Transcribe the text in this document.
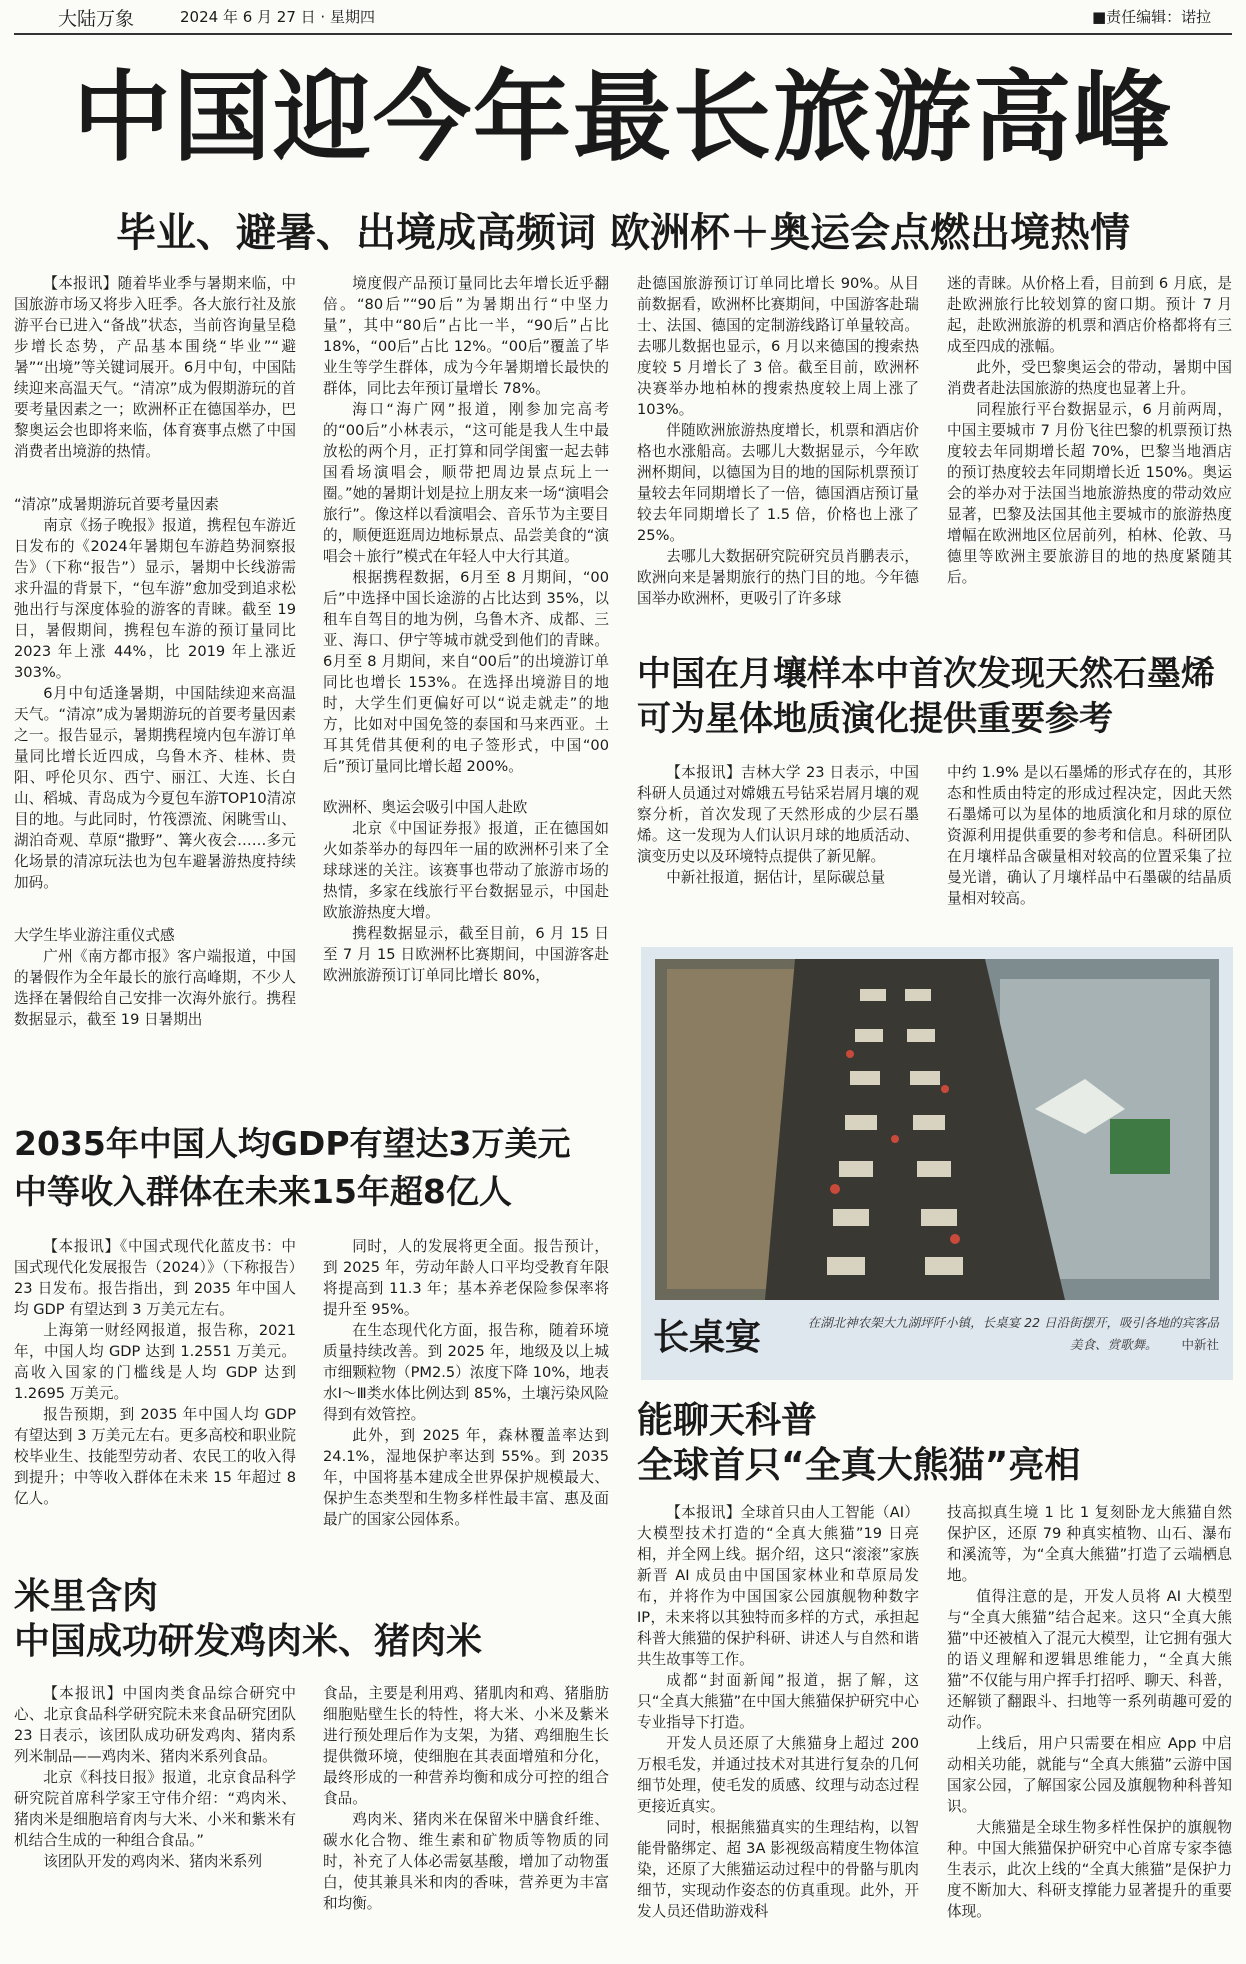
大陆万象	2024 年 6 月 27 日 · 星期四	■责任编辑：诺拉
中国迎今年最长旅游高峰
毕业、避暑、出境成高频词 欧洲杯＋奥运会点燃出境热情

【本报讯】随着毕业季与暑期来临，中国旅游市场又将步入旺季。各大旅行社及旅游平台已进入“备战”状态，当前咨询量呈稳步增长态势，产品基本围绕“毕业”“避暑”“出境”等关键词展开。6月中旬，中国陆续迎来高温天气。“清凉”成为假期游玩的首要考量因素之一；欧洲杯正在德国举办，巴黎奥运会也即将来临，体育赛事点燃了中国消费者出境游的热情。

“清凉”成暑期游玩首要考量因素

南京《扬子晚报》报道，携程包车游近日发布的《2024年暑期包车游趋势洞察报告》（下称“报告”）显示，暑期中长线游需求升温的背景下，“包车游”愈加受到追求松弛出行与深度体验的游客的青睐。截至 19 日，暑假期间，携程包车游的预订量同比 2023 年上涨 44%，比 2019 年上涨近 303%。

6月中旬适逢暑期，中国陆续迎来高温天气。“清凉”成为暑期游玩的首要考量因素之一。报告显示，暑期携程境内包车游订单量同比增长近四成，乌鲁木齐、桂林、贵阳、呼伦贝尔、西宁、丽江、大连、长白山、稻城、青岛成为今夏包车游TOP10清凉目的地。与此同时，竹筏漂流、闲眺雪山、湖泊奇观、草原“撒野”、篝火夜会……多元化场景的清凉玩法也为包车避暑游热度持续加码。

大学生毕业游注重仪式感

广州《南方都市报》客户端报道，中国的暑假作为全年最长的旅行高峰期，不少人选择在暑假给自己安排一次海外旅行。携程数据显示，截至 19 日暑期出

境度假产品预订量同比去年增长近乎翻倍。“80后”“90后”为暑期出行“中坚力量”，其中“80后”占比一半，“90后”占比 18%，“00后”占比 12%。“00后”覆盖了毕业生等学生群体，成为今年暑期增长最快的群体，同比去年预订量增长 78%。

海口“海广网”报道，刚参加完高考的“00后”小林表示，“这可能是我人生中最放松的两个月，正打算和同学闺蜜一起去韩国看场演唱会，顺带把周边景点玩上一圈。”她的暑期计划是拉上朋友来一场“演唱会旅行”。像这样以看演唱会、音乐节为主要目的，顺便逛逛周边地标景点、品尝美食的“演唱会＋旅行”模式在年轻人中大行其道。

根据携程数据，6月至 8 月期间，“00后”中选择中国长途游的占比达到 35%，以租车自驾目的地为例，乌鲁木齐、成都、三亚、海口、伊宁等城市就受到他们的青睐。6月至 8 月期间，来自“00后”的出境游订单同比也增长 153%。在选择出境游目的地时，大学生们更偏好可以“说走就走”的地方，比如对中国免签的泰国和马来西亚。土耳其凭借其便利的电子签形式，中国“00后”预订量同比增长超 200%。

欧洲杯、奥运会吸引中国人赴欧

北京《中国证券报》报道，正在德国如火如荼举办的每四年一届的欧洲杯引来了全球球迷的关注。该赛事也带动了旅游市场的热情，多家在线旅行平台数据显示，中国赴欧旅游热度大增。

携程数据显示，截至目前，6 月 15 日至 7 月 15 日欧洲杯比赛期间，中国游客赴欧洲旅游预订订单同比增长 80%，

赴德国旅游预订订单同比增长 90%。从目前数据看，欧洲杯比赛期间，中国游客赴瑞士、法国、德国的定制游线路订单量较高。去哪儿数据也显示，6 月以来德国的搜索热度较 5 月增长了 3 倍。截至目前，欧洲杯决赛举办地柏林的搜索热度较上周上涨了 103%。

伴随欧洲旅游热度增长，机票和酒店价格也水涨船高。去哪儿大数据显示，今年欧洲杯期间，以德国为目的地的国际机票预订量较去年同期增长了一倍，德国酒店预订量较去年同期增长了 1.5 倍，价格也上涨了 25%。

去哪儿大数据研究院研究员肖鹏表示，欧洲向来是暑期旅行的热门目的地。今年德国举办欧洲杯，更吸引了许多球

迷的青睐。从价格上看，目前到 6 月底，是赴欧洲旅行比较划算的窗口期。预计 7 月起，赴欧洲旅游的机票和酒店价格都将有三成至四成的涨幅。

此外，受巴黎奥运会的带动，暑期中国消费者赴法国旅游的热度也显著上升。

同程旅行平台数据显示，6 月前两周，中国主要城市 7 月份飞往巴黎的机票预订热度较去年同期增长超 70%，巴黎当地酒店的预订热度较去年同期增长近 150%。奥运会的举办对于法国当地旅游热度的带动效应显著，巴黎及法国其他主要城市的旅游热度增幅在欧洲地区位居前列，柏林、伦敦、马德里等欧洲主要旅游目的地的热度紧随其后。

中国在月壤样本中首次发现天然石墨烯
可为星体地质演化提供重要参考

【本报讯】吉林大学 23 日表示，中国科研人员通过对嫦娥五号钻采岩屑月壤的观察分析，首次发现了天然形成的少层石墨烯。这一发现为人们认识月球的地质活动、演变历史以及环境特点提供了新见解。

中新社报道，据估计，星际碳总量

中约 1.9% 是以石墨烯的形式存在的，其形态和性质由特定的形成过程决定，因此天然石墨烯可以为星体的地质演化和月球的原位资源利用提供重要的参考和信息。科研团队在月壤样品含碳量相对较高的位置采集了拉曼光谱，确认了月壤样品中石墨碳的结晶质量相对较高。

长桌宴	在湖北神农架大九湖坪阡小镇，长桌宴 22 日沿街摆开，吸引各地的宾客品美食、赏歌舞。 中新社
能聊天科普
全球首只“全真大熊猫”亮相

【本报讯】全球首只由人工智能（AI）大模型技术打造的“全真大熊猫”19 日亮相，并全网上线。据介绍，这只“滚滚”家族新晋 AI 成员由中国国家林业和草原局发布，并将作为中国国家公园旗舰物种数字 IP，未来将以其独特而多样的方式，承担起科普大熊猫的保护科研、讲述人与自然和谐共生故事等工作。

成都“封面新闻”报道，据了解，这只“全真大熊猫”在中国大熊猫保护研究中心专业指导下打造。

开发人员还原了大熊猫身上超过 200 万根毛发，并通过技术对其进行复杂的几何细节处理，使毛发的质感、纹理与动态过程更接近真实。

同时，根据熊猫真实的生理结构，以智能骨骼绑定、超 3A 影视级高精度生物体渲染，还原了大熊猫运动过程中的骨骼与肌肉细节，实现动作姿态的仿真重现。此外，开发人员还借助游戏科

技高拟真生境 1 比 1 复刻卧龙大熊猫自然保护区，还原 79 种真实植物、山石、瀑布和溪流等，为“全真大熊猫”打造了云端栖息地。

值得注意的是，开发人员将 AI 大模型与“全真大熊猫”结合起来。这只“全真大熊猫”中还被植入了混元大模型，让它拥有强大的语义理解和逻辑思维能力，“全真大熊猫”不仅能与用户挥手打招呼、聊天、科普，还解锁了翻跟斗、扫地等一系列萌趣可爱的动作。

上线后，用户只需要在相应 App 中启动相关功能，就能与“全真大熊猫”云游中国国家公园，了解国家公园及旗舰物种科普知识。

大熊猫是全球生物多样性保护的旗舰物种。中国大熊猫保护研究中心首席专家李德生表示，此次上线的“全真大熊猫”是保护力度不断加大、科研支撑能力显著提升的重要体现。

2035年中国人均GDP有望达3万美元
中等收入群体在未来15年超8亿人

【本报讯】《中国式现代化蓝皮书：中国式现代化发展报告（2024）》（下称报告）23 日发布。报告指出，到 2035 年中国人均 GDP 有望达到 3 万美元左右。

上海第一财经网报道，报告称，2021 年，中国人均 GDP 达到 1.2551 万美元。高收入国家的门槛线是人均 GDP 达到 1.2695 万美元。

报告预期，到 2035 年中国人均 GDP 有望达到 3 万美元左右。更多高校和职业院校毕业生、技能型劳动者、农民工的收入得到提升；中等收入群体在未来 15 年超过 8 亿人。

同时，人的发展将更全面。报告预计，到 2025 年，劳动年龄人口平均受教育年限将提高到 11.3 年；基本养老保险参保率将提升至 95%。

在生态现代化方面，报告称，随着环境质量持续改善。到 2025 年，地级及以上城市细颗粒物（PM2.5）浓度下降 10%，地表水Ⅰ～Ⅲ类水体比例达到 85%，土壤污染风险得到有效管控。

此外，到 2025 年，森林覆盖率达到 24.1%，湿地保护率达到 55%。到 2035 年，中国将基本建成全世界保护规模最大、保护生态类型和生物多样性最丰富、惠及面最广的国家公园体系。

米里含肉
中国成功研发鸡肉米、猪肉米

【本报讯】中国肉类食品综合研究中心、北京食品科学研究院未来食品研究团队 23 日表示，该团队成功研发鸡肉、猪肉系列米制品——鸡肉米、猪肉米系列食品。

北京《科技日报》报道，北京食品科学研究院首席科学家王守伟介绍：“鸡肉米、猪肉米是细胞培育肉与大米、小米和紫米有机结合生成的一种组合食品。”

该团队开发的鸡肉米、猪肉米系列

食品，主要是利用鸡、猪肌肉和鸡、猪脂肪细胞贴壁生长的特性，将大米、小米及紫米进行预处理后作为支架，为猪、鸡细胞生长提供微环境，使细胞在其表面增殖和分化，最终形成的一种营养均衡和成分可控的组合食品。

鸡肉米、猪肉米在保留米中膳食纤维、碳水化合物、维生素和矿物质等物质的同时，补充了人体必需氨基酸，增加了动物蛋白，使其兼具米和肉的香味，营养更为丰富和均衡。
